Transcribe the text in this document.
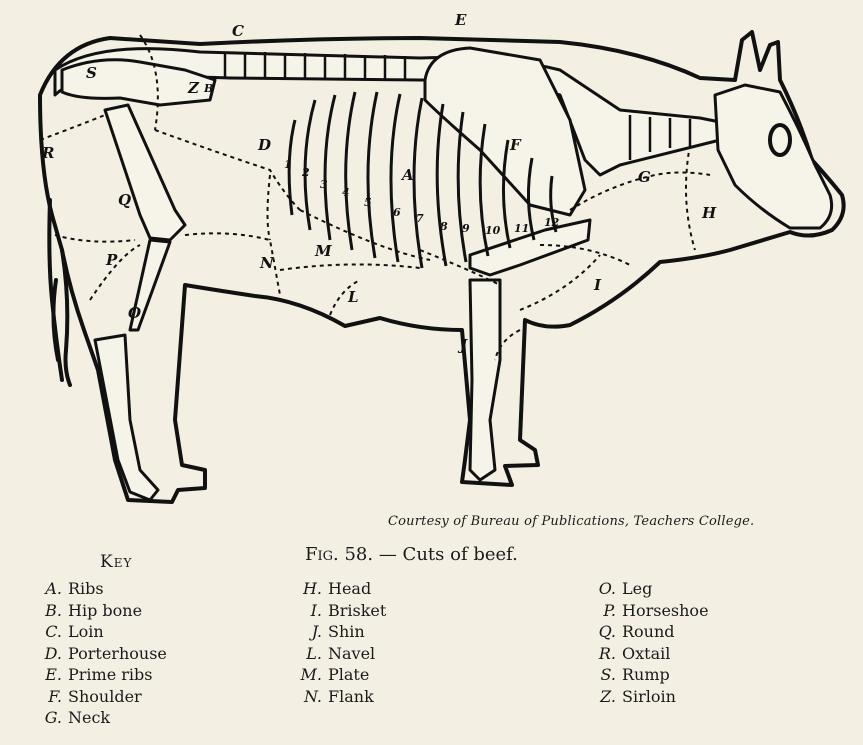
C
E
S
Z B
D
R
Q
P
O
N
M
L
A
F
G
H
I
J
1
2
3
4
5
6 7
8 9 10 11 12
Courtesy of Bureau of Publications, Teachers College.
Fig. 58. — Cuts of beef.
Key
A. Ribs
B. Hip bone
C. Loin
D. Porterhouse
E. Prime ribs
F. Shoulder
G. Neck
H. Head
I. Brisket
J. Shin
L. Navel
M. Plate
N. Flank
O. Leg
P. Horseshoe
Q. Round
R. Oxtail
S. Rump
Z. Sirloin
